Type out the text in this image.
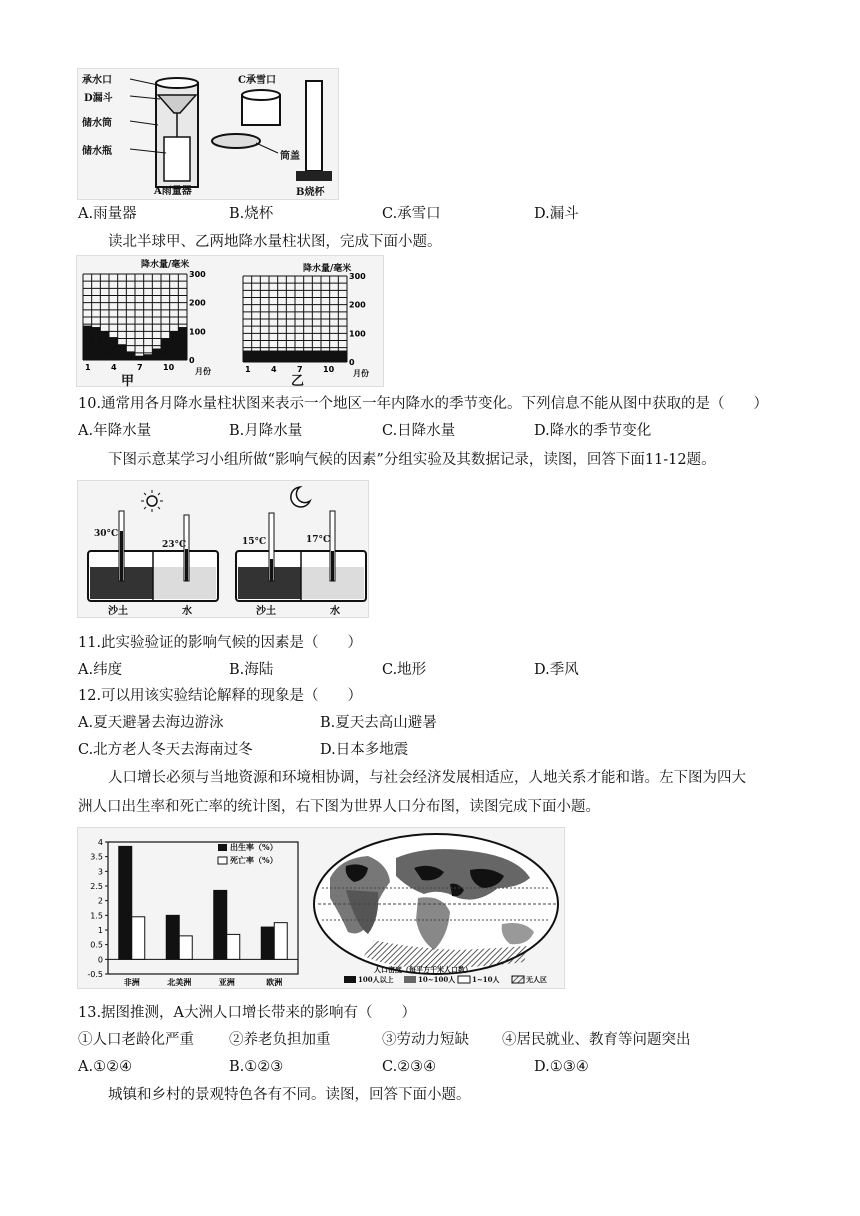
承水口
D漏斗
储水筒
储水瓶
A雨量器
C承雪口
筒盖
B烧杯
A.雨量器	B.烧杯	C.承雪口	D.漏斗
读北半球甲、乙两地降水量柱状图，完成下面小题。
300
200
100
0
1	4	7	10
300
200
100
0
1	4	7	10
降水量/毫米	降水量/毫米
甲	乙
月份	月份
10.通常用各月降水量柱状图来表示一个地区一年内降水的季节变化。下列信息不能从图中获取的是（　　）
A.年降水量	B.月降水量	C.日降水量	D.降水的季节变化
下图示意某学习小组所做“影响气候的因素”分组实验及其数据记录，读图，回答下面11-12题。
30°C
23°C	15°C	17°C
沙土	水	沙土	水
11.此实验验证的影响气候的因素是（　　）
A.纬度	B.海陆	C.地形	D.季风
12.可以用该实验结论解释的现象是（　　）
A.夏天避暑去海边游泳	B.夏天去高山避暑
C.北方老人冬天去海南过冬	D.日本多地震
人口增长必须与当地资源和环境相协调，与社会经济发展相适应，人地关系才能和谐。左下图为四大
洲人口出生率和死亡率的统计图，右下图为世界人口分布图，读图完成下面小题。
4
3.5
3
2.5
2
1.5
1
0.5
0
-0.5
非洲	北美洲	亚洲	欧洲
人口密度（每平方千米人口数）
100人以上	10~100人 1~10人	无人区
出生率（%）
死亡率（%）
13.据图推测，A大洲人口增长带来的影响有（　　）
①人口老龄化严重 ②养老负担加重	③劳动力短缺 ④居民就业、教育等问题突出
A.①②④	B.①②③	C.②③④	D.①③④
城镇和乡村的景观特色各有不同。读图，回答下面小题。
